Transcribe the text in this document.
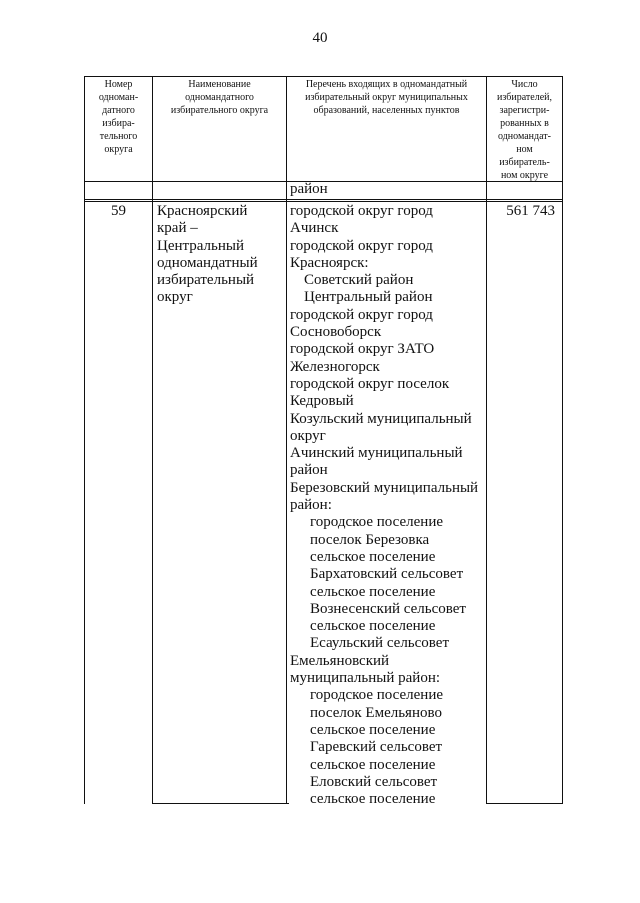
40
Номер
одноман-
датного
избира-
тельного
округа
Наименование
одномандатного
избирательного округа
Перечень входящих в одномандатный
избирательный округ муниципальных
образований, населенных пунктов
Число
избирателей,
зарегистри-
рованных в
одномандат-
ном
избиратель-
ном округе
район
59	Красноярский
край –
Центральный
одномандатный
избирательный
округ
городской округ город
Ачинск
городской округ город
Красноярск:
Советский район
Центральный район
городской округ город
Сосновоборск
городской округ ЗАТО
Железногорск
городской округ поселок
Кедровый
Козульский муниципальный
округ
Ачинский муниципальный
район
Березовский муниципальный
район:
городское поселение
поселок Березовка
сельское поселение
Бархатовский сельсовет
сельское поселение
Вознесенский сельсовет
сельское поселение
Есаульский сельсовет
Емельяновский
муниципальный район:
городское поселение
поселок Емельяново
сельское поселение
Гаревский сельсовет
сельское поселение
Еловский сельсовет
сельское поселение
561 743
